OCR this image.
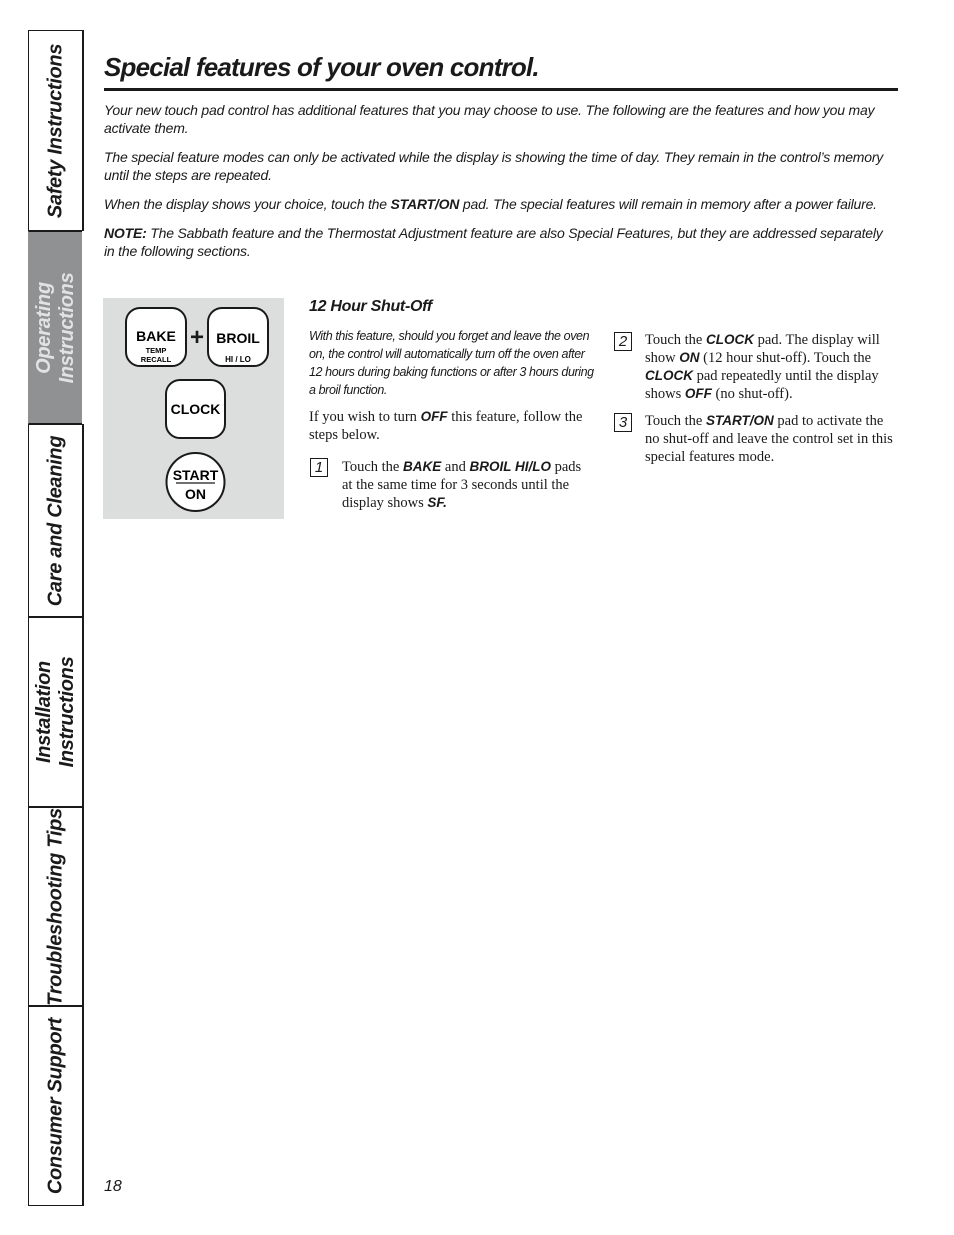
Safety Instructions
Operating Instructions
Care and Cleaning
Installation Instructions
Troubleshooting Tips
Consumer Support
Special features of your oven control.

Your new touch pad control has additional features that you may choose to use. The following are the features and how you may activate them.

The special feature modes can only be activated while the display is showing the time of day. They remain in the control’s memory until the steps are repeated.

When the display shows your choice, touch the START/ON pad. The special features will remain in memory after a power failure.

NOTE: The Sabbath feature and the Thermostat Adjustment feature are also Special Features, but they are addressed separately in the following sections.

BAKE
TEMP
RECALL
+ BROIL
HI / LO
CLOCK
START
ON
12 Hour Shut-Off

With this feature, should you forget and leave the oven on, the control will automatically turn off the oven after 12 hours during baking functions or after 3 hours during a broil function.

If you wish to turn OFF this feature, follow the steps below.

1	Touch the BAKE and BROIL HI/LO pads at the same time for 3 seconds until the display shows SF.
2	Touch the CLOCK pad. The display will show ON (12 hour shut-off). Touch the CLOCK pad repeatedly until the display shows OFF (no shut-off).
3	Touch the START/ON pad to activate the no shut-off and leave the control set in this special features mode.
18
